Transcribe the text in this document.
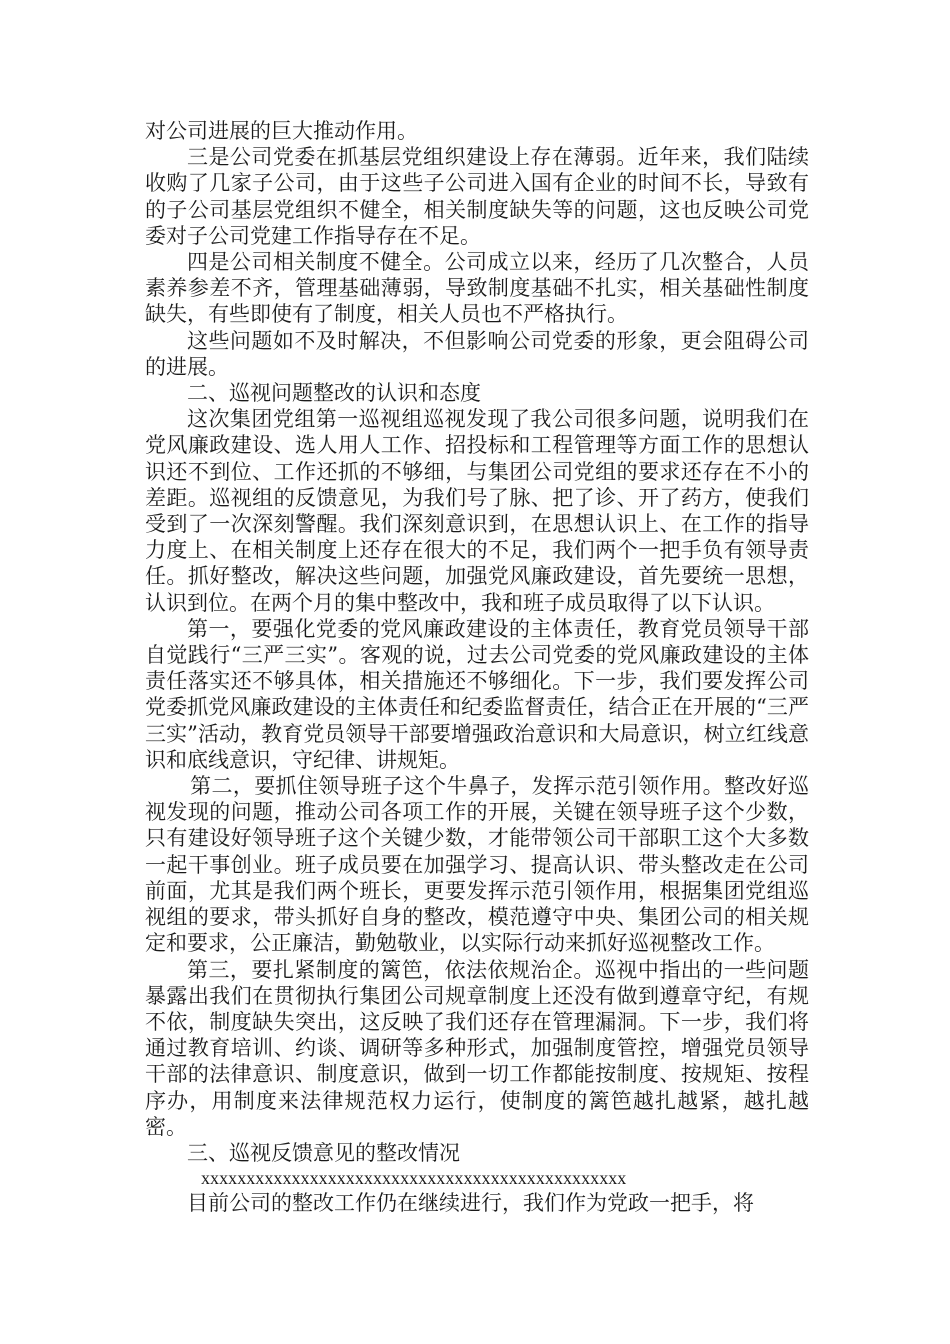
对公司进展的巨大推动作用。

三是公司党委在抓基层党组织建设上存在薄弱。近年来，我们陆续收购了几家子公司，由于这些子公司进入国有企业的时间不长，导致有的子公司基层党组织不健全，相关制度缺失等的问题，这也反映公司党委对子公司党建工作指导存在不足。

四是公司相关制度不健全。公司成立以来，经历了几次整合，人员素养参差不齐，管理基础薄弱，导致制度基础不扎实，相关基础性制度缺失，有些即使有了制度，相关人员也不严格执行。

这些问题如不及时解决，不但影响公司党委的形象，更会阻碍公司的进展。

二、巡视问题整改的认识和态度

这次集团党组第一巡视组巡视发现了我公司很多问题，说明我们在党风廉政建设、选人用人工作、招投标和工程管理等方面工作的思想认识还不到位、工作还抓的不够细，与集团公司党组的要求还存在不小的差距。巡视组的反馈意见，为我们号了脉、把了诊、开了药方，使我们受到了一次深刻警醒。我们深刻意识到，在思想认识上、在工作的指导力度上、在相关制度上还存在很大的不足，我们两个一把手负有领导责任。抓好整改，解决这些问题，加强党风廉政建设，首先要统一思想，认识到位。在两个月的集中整改中，我和班子成员取得了以下认识。

第一，要强化党委的党风廉政建设的主体责任，教育党员领导干部自觉践行“三严三实”。客观的说，过去公司党委的党风廉政建设的主体责任落实还不够具体，相关措施还不够细化。下一步，我们要发挥公司党委抓党风廉政建设的主体责任和纪委监督责任，结合正在开展的“三严三实”活动，教育党员领导干部要增强政治意识和大局意识，树立红线意识和底线意识，守纪律、讲规矩。

第二，要抓住领导班子这个牛鼻子，发挥示范引领作用。整改好巡视发现的问题，推动公司各项工作的开展，关键在领导班子这个少数，只有建设好领导班子这个关键少数，才能带领公司干部职工这个大多数一起干事创业。班子成员要在加强学习、提高认识、带头整改走在公司前面，尤其是我们两个班长，更要发挥示范引领作用，根据集团党组巡视组的要求，带头抓好自身的整改，模范遵守中央、集团公司的相关规定和要求，公正廉洁，勤勉敬业，以实际行动来抓好巡视整改工作。

第三，要扎紧制度的篱笆，依法依规治企。巡视中指出的一些问题暴露出我们在贯彻执行集团公司规章制度上还没有做到遵章守纪，有规不依，制度缺失突出，这反映了我们还存在管理漏洞。下一步，我们将通过教育培训、约谈、调研等多种形式，加强制度管控，增强党员领导干部的法律意识、制度意识，做到一切工作都能按制度、按规矩、按程序办，用制度来法律规范权力运行，使制度的篱笆越扎越紧，越扎越密。

三、巡视反馈意见的整改情况

xxxxxxxxxxxxxxxxxxxxxxxxxxxxxxxxxxxxxxxxxxxxxxx

目前公司的整改工作仍在继续进行，我们作为党政一把手，将
